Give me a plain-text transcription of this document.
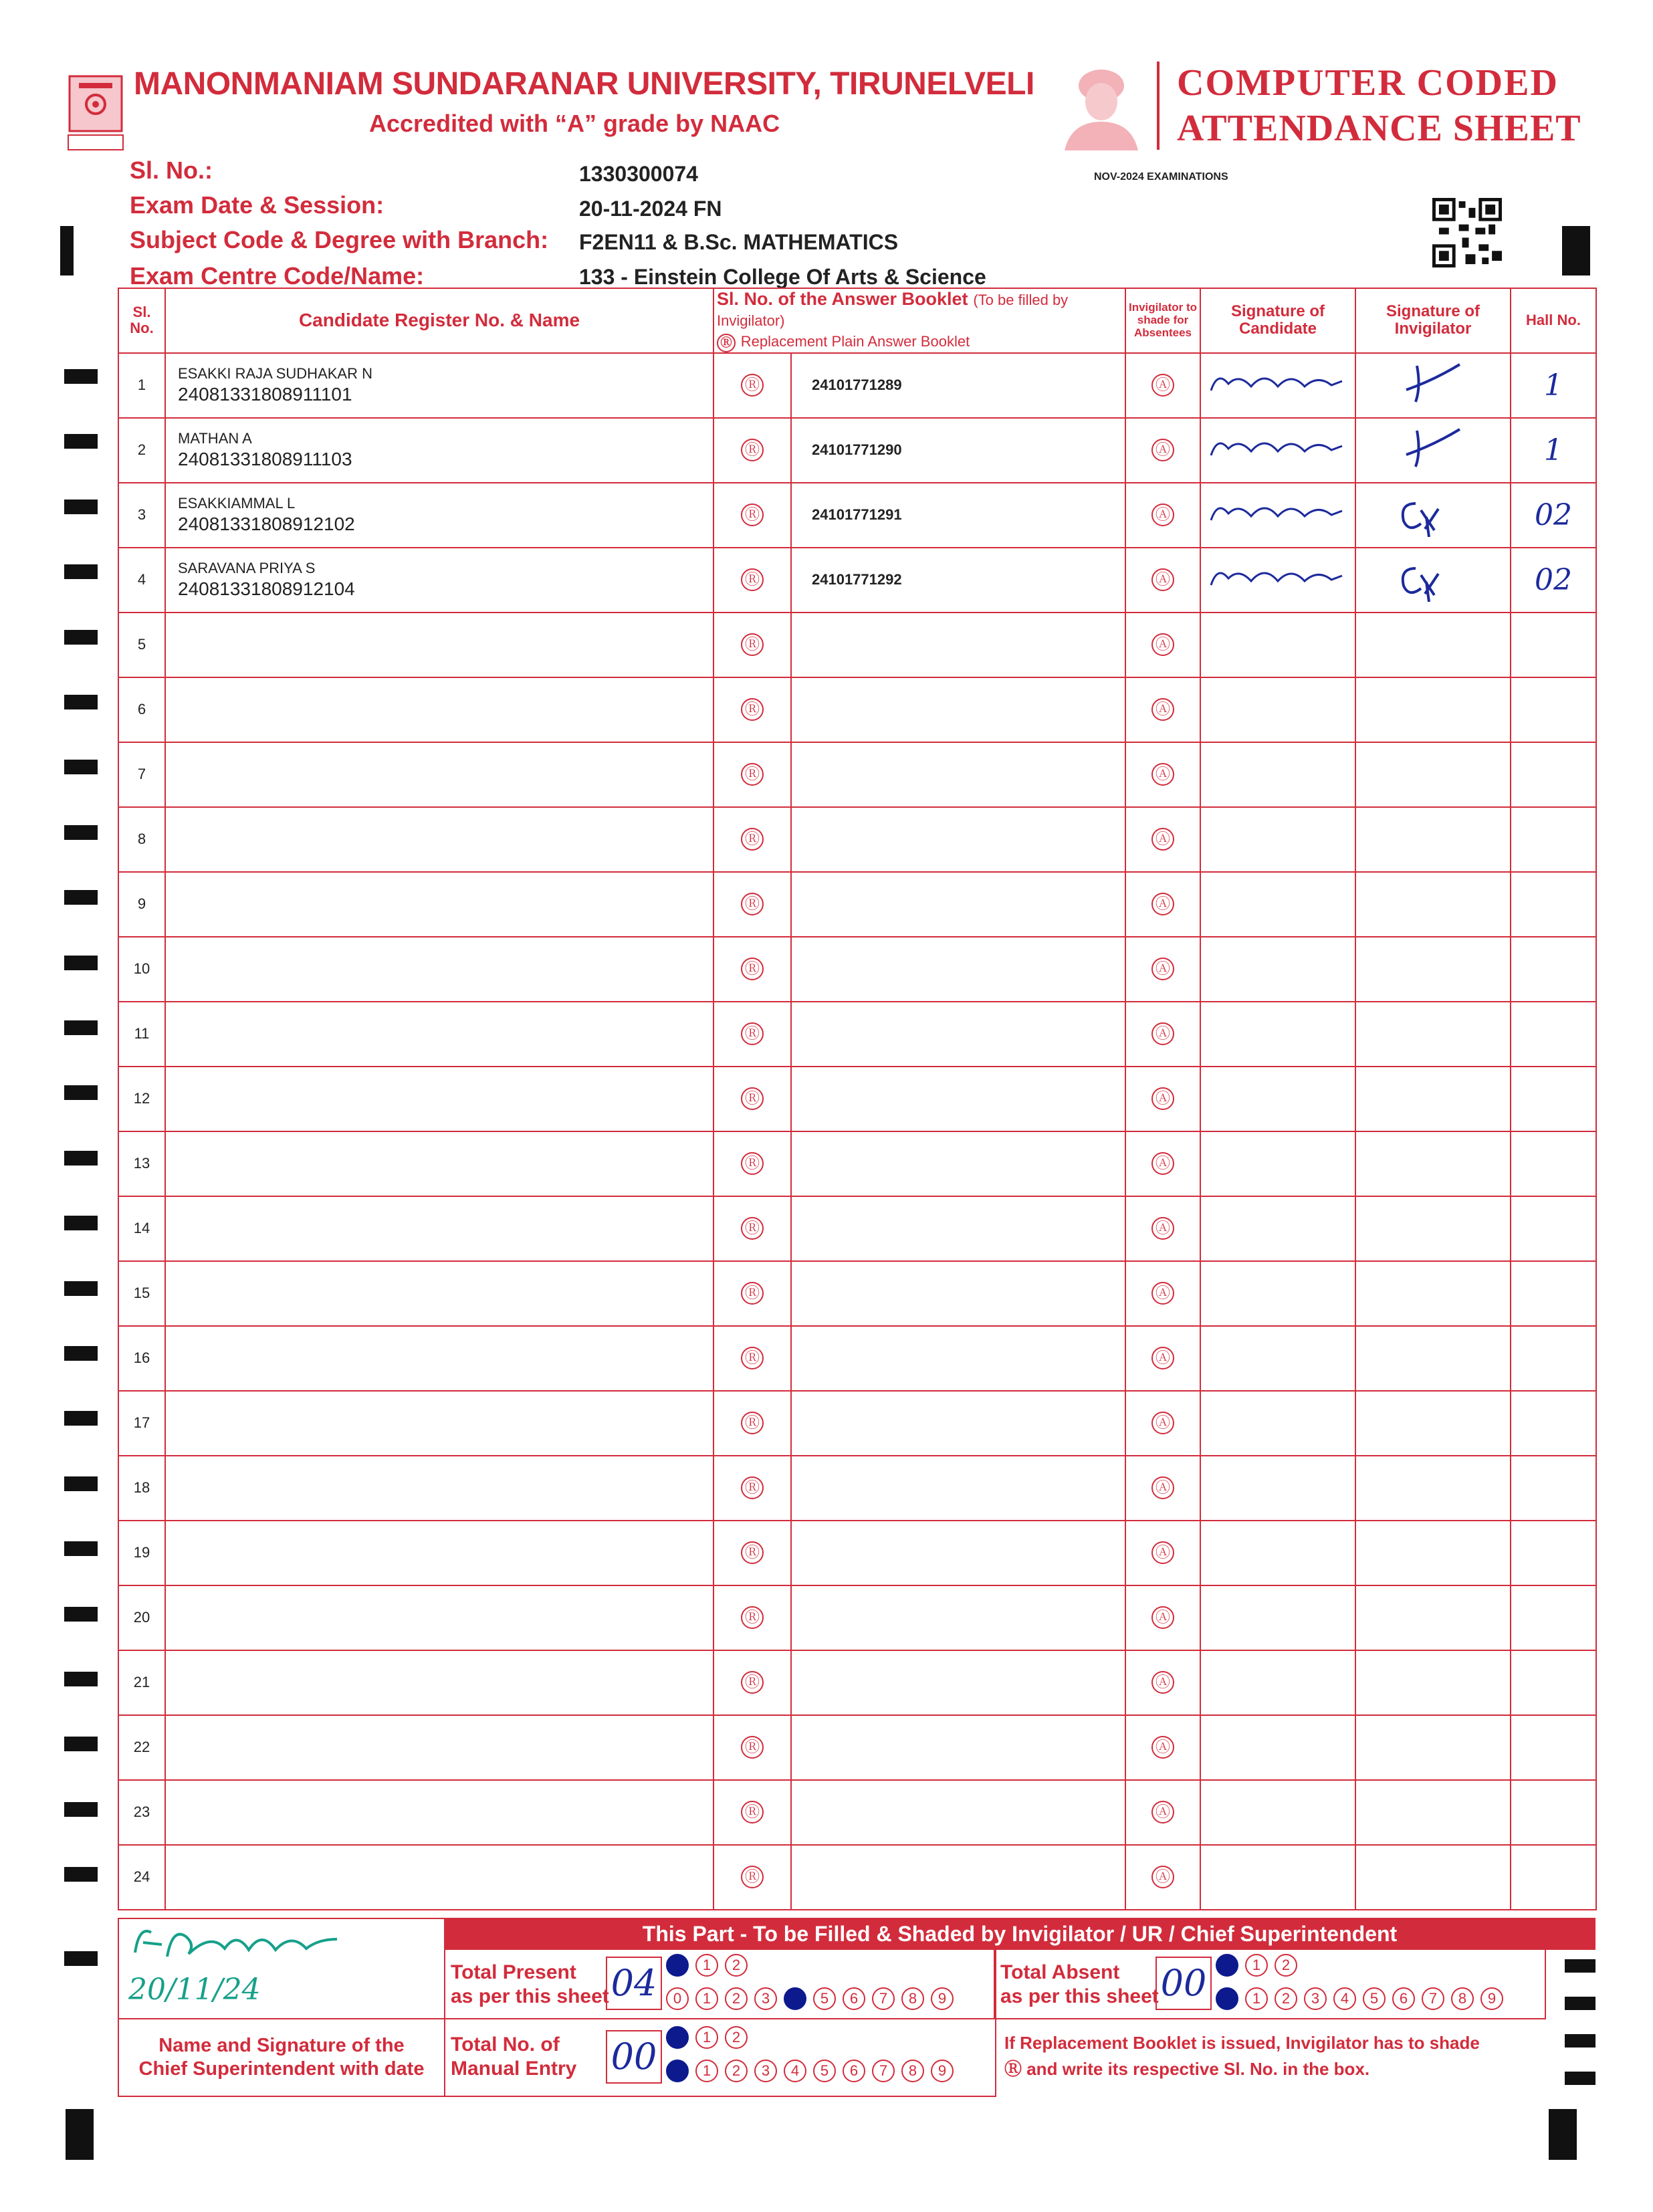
MANONMANIAM SUNDARANAR UNIVERSITY, TIRUNELVELI
Accredited with “A” grade by NAAC
COMPUTER CODED
ATTENDANCE SHEET
Sl. No.:	1330300074	NOV-2024 EXAMINATIONS
Exam Date & Session:	20-11-2024 FN
Subject Code & Degree with Branch: F2EN11 & B.Sc. MATHEMATICS
Exam Centre Code/Name:	133 - Einstein College Of Arts & Science
Sl. No.	Candidate Register No. & Name	Sl. No. of the Answer Booklet (To be filled by Invigilator)
Ⓡ Replacement Plain Answer Booklet		Invigilator to shade for Absentees	Signature of Candidate	Signature of Invigilator	Hall No.
1	ESAKKI RAJA SUDHAKAR N
24081331808911101	Ⓡ	24101771289	Ⓐ			1
2	MATHAN A
24081331808911103	Ⓡ	24101771290	Ⓐ			1
3	ESAKKIAMMAL L
24081331808912102	Ⓡ	24101771291	Ⓐ			02
4	SARAVANA PRIYA S
24081331808912104	Ⓡ	24101771292	Ⓐ			02
5		Ⓡ		Ⓐ			
6		Ⓡ		Ⓐ			
7		Ⓡ		Ⓐ			
8		Ⓡ		Ⓐ			
9		Ⓡ		Ⓐ			
10		Ⓡ		Ⓐ			
11		Ⓡ		Ⓐ			
12		Ⓡ		Ⓐ			
13		Ⓡ		Ⓐ			
14		Ⓡ		Ⓐ			
15		Ⓡ		Ⓐ			
16		Ⓡ		Ⓐ			
17		Ⓡ		Ⓐ			
18		Ⓡ		Ⓐ			
19		Ⓡ		Ⓐ			
20		Ⓡ		Ⓐ			
21		Ⓡ		Ⓐ			
22		Ⓡ		Ⓐ			
23		Ⓡ		Ⓐ			
24		Ⓡ		Ⓐ			
20/11/24
Name and Signature of the Chief Superintendent with date
This Part - To be Filled & Shaded by Invigilator / UR / Chief Superintendent
Total Present
as per this sheet 04	0 1 2
0 1 2 3 4 5 6 7 8 9
Total Absent
as per this sheet 00	0 1 2
0 1 2 3 4 5 6 7 8 9
Total No. of
Manual Entry 00	0 1 2
0 1 2 3 4 5 6 7 8 9
If Replacement Booklet is issued, Invigilator has to shade Ⓡ and write its respective Sl. No. in the box.
